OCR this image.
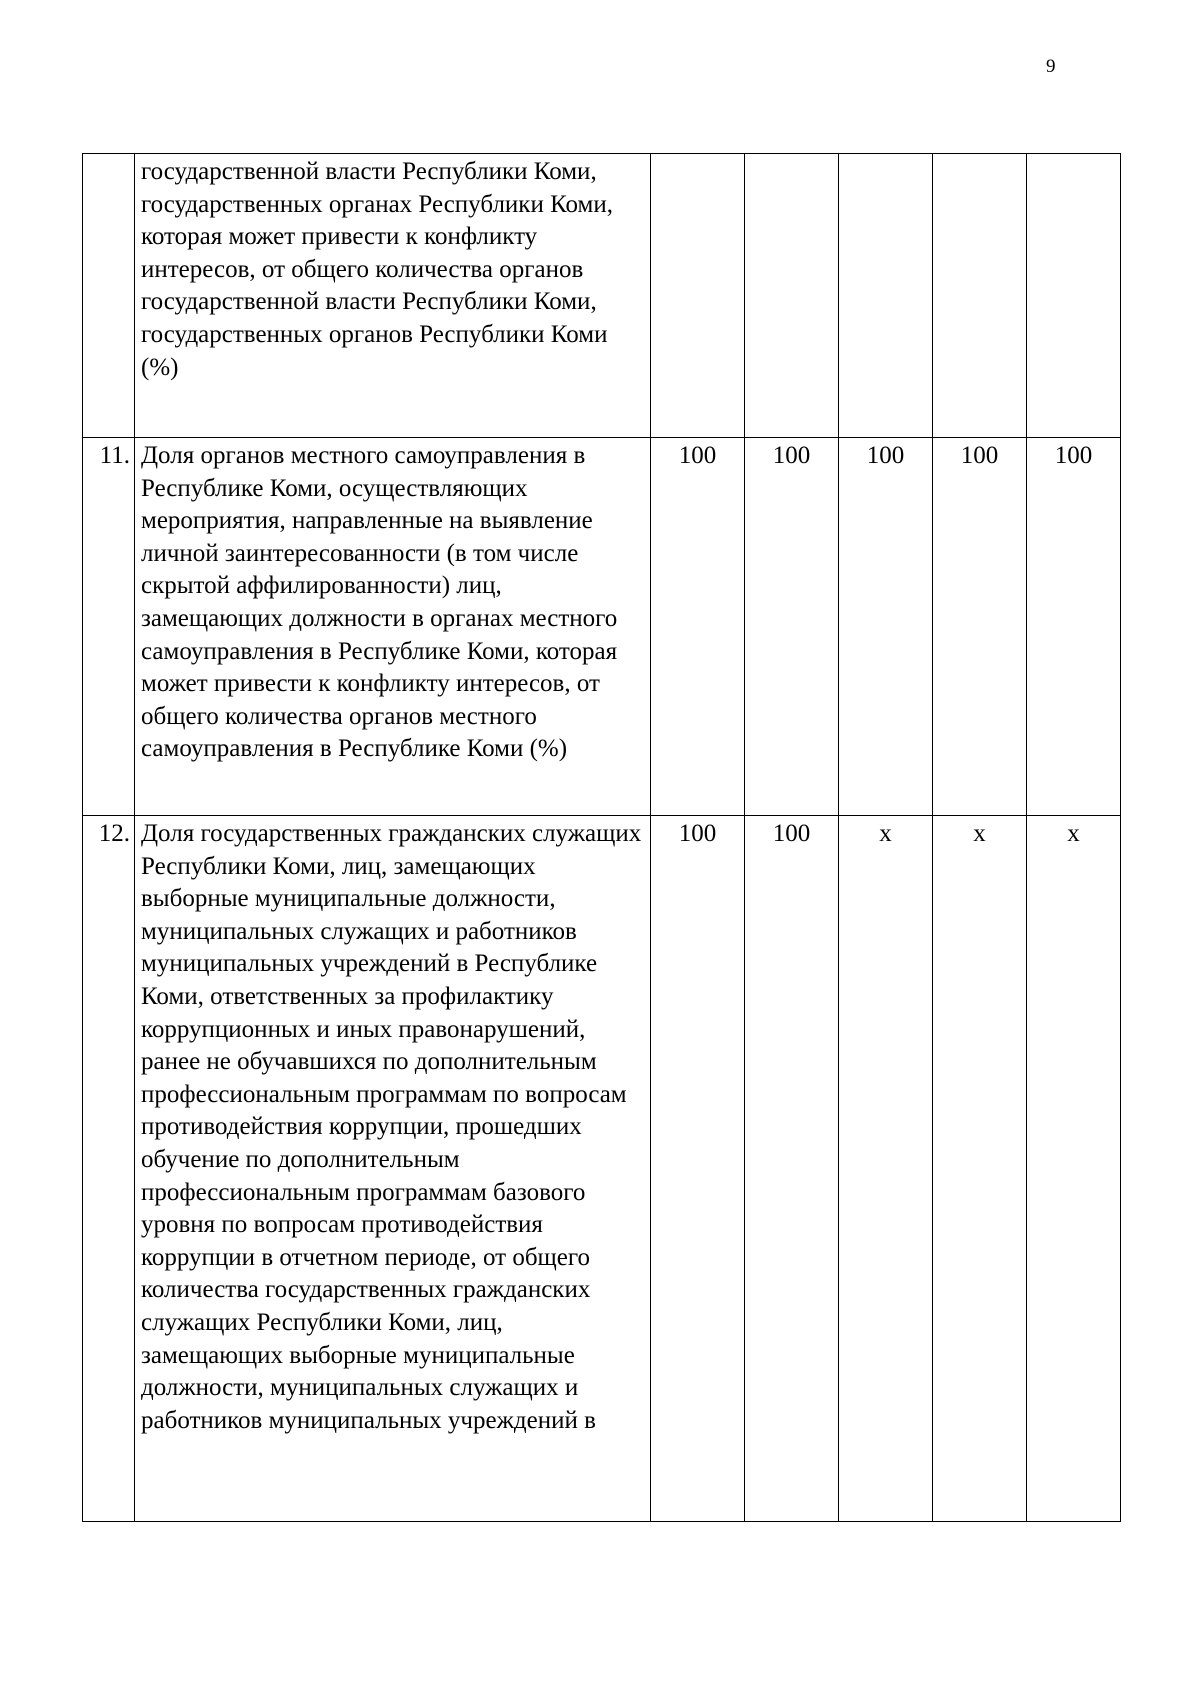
9
	государственной власти Республики Коми, государственных органах Республики Коми, которая может привести к конфликту интересов, от общего количества органов государственной власти Республики Коми, государственных органов Республики Коми (%)					
11.	Доля органов местного самоуправления в Республике Коми, осуществляющих мероприятия, направленные на выявление личной заинтересованности (в том числе скрытой аффилированности) лиц, замещающих должности в органах местного самоуправления в Республике Коми, которая может привести к конфликту интересов, от общего количества органов местного самоуправления в Республике Коми (%)	100	100	100	100	100
12.	Доля государственных гражданских служащих Республики Коми, лиц, замещающих выборные муниципальные должности, муниципальных служащих и работников муниципальных учреждений в Республике Коми, ответственных за профилактику коррупционных и иных правонарушений, ранее не обучавшихся по дополнительным профессиональным программам по вопросам противодействия коррупции, прошедших обучение по дополнительным профессиональным программам базового уровня по вопросам противодействия коррупции в отчетном периоде, от общего количества государственных гражданских служащих Республики Коми, лиц, замещающих выборные муниципальные должности, муниципальных служащих и работников муниципальных учреждений в	100	100	x	x	x
